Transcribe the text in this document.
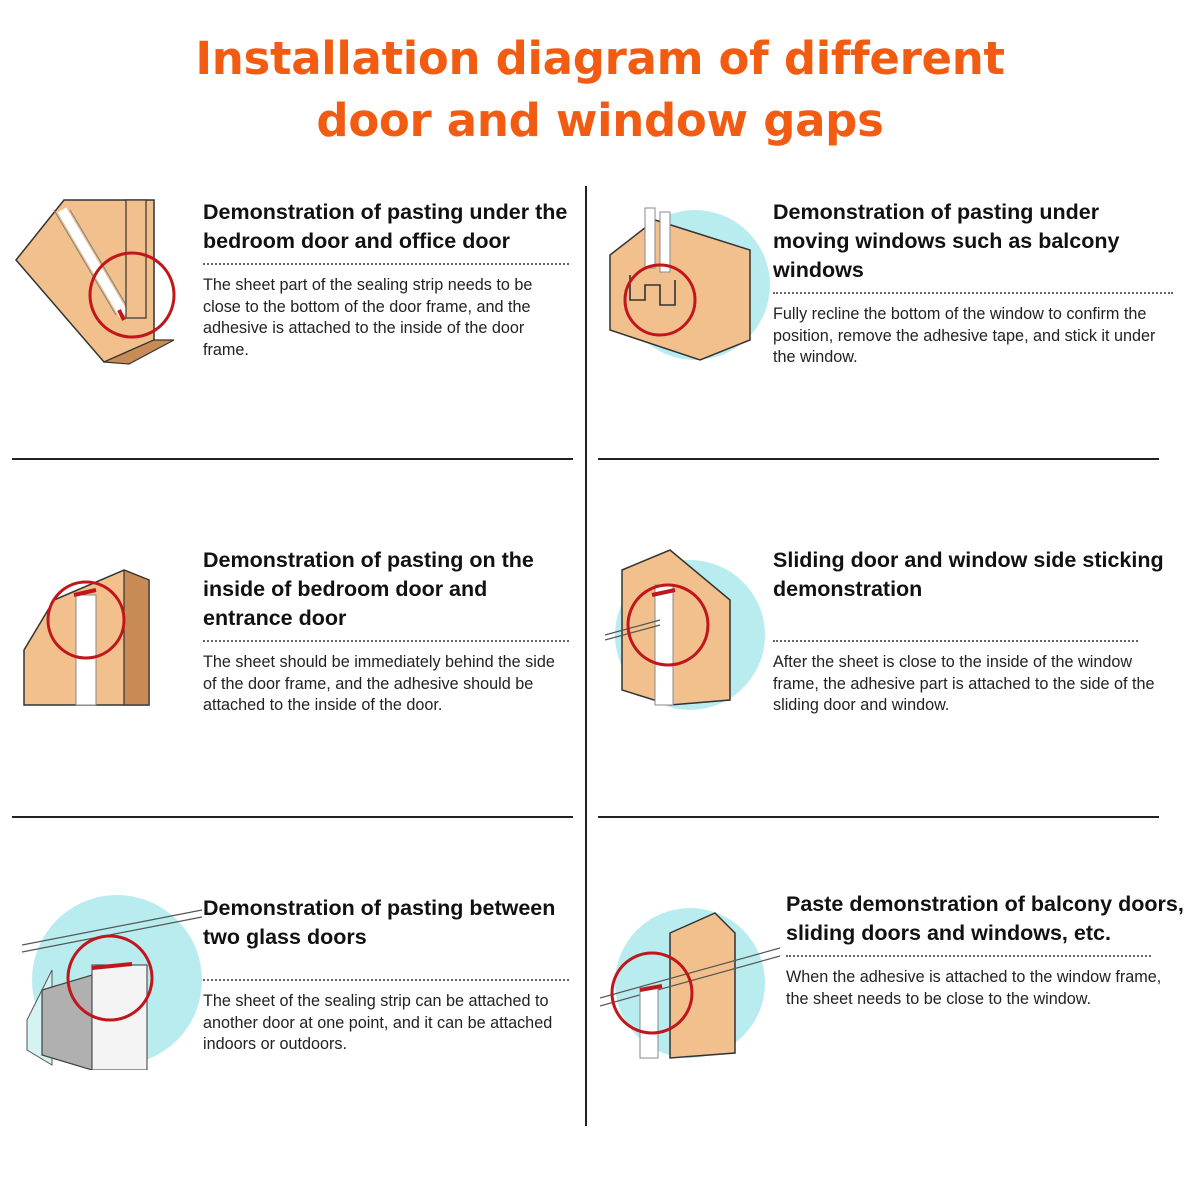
Installation diagram of different
door and window gaps

Demonstration of pasting under the bedroom door and office door

The sheet part of the sealing strip needs to be close to the bottom of the door frame, and the adhesive is attached to the inside of the door frame.

Demonstration of pasting under moving windows such as balcony windows

Fully recline the bottom of the window to confirm the position, remove the adhesive tape, and stick it under the window.

Demonstration of pasting on the inside of bedroom door and entrance door

The sheet should be immediately behind the side of the door frame, and the adhesive should be attached to the inside of the door.

Sliding door and window side sticking demonstration

After the sheet is close to the inside of the window frame, the adhesive part is attached to the side of the sliding door and window.

Demonstration of pasting between two glass doors

The sheet of the sealing strip can be attached to another door at one point, and it can be attached indoors or outdoors.

Paste demonstration of balcony doors, sliding doors and windows, etc.

When the adhesive is attached to the window frame, the sheet needs to be close to the window.
